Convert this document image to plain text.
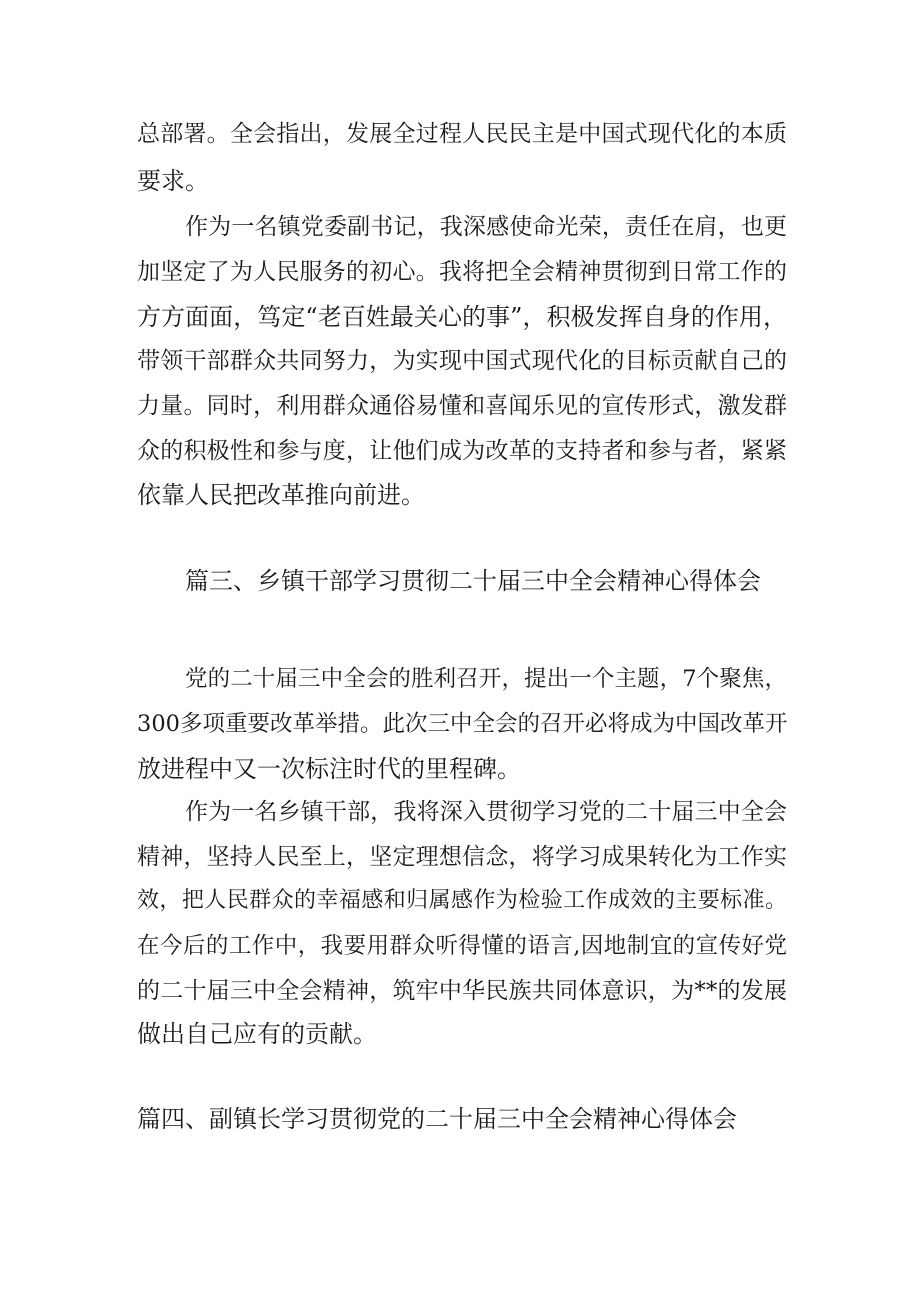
总部署。全会指出，发展全过程人民民主是中国式现代化的本质
要求。
作为一名镇党委副书记，我深感使命光荣，责任在肩，也更
加坚定了为人民服务的初心。我将把全会精神贯彻到日常工作的
方方面面，笃定“老百姓最关心的事”，积极发挥自身的作用，
带领干部群众共同努力，为实现中国式现代化的目标贡献自己的
力量。同时，利用群众通俗易懂和喜闻乐见的宣传形式，激发群
众的积极性和参与度，让他们成为改革的支持者和参与者，紧紧
依靠人民把改革推向前进。
篇三、乡镇干部学习贯彻二十届三中全会精神心得体会
党的二十届三中全会的胜利召开，提出一个主题，7个聚焦，
300多项重要改革举措。此次三中全会的召开必将成为中国改革开
放进程中又一次标注时代的里程碑。
作为一名乡镇干部，我将深入贯彻学习党的二十届三中全会
精神，坚持人民至上，坚定理想信念，将学习成果转化为工作实
效，把人民群众的幸福感和归属感作为检验工作成效的主要标准。
在今后的工作中，我要用群众听得懂的语言,因地制宜的宣传好党
的二十届三中全会精神，筑牢中华民族共同体意识，为**的发展
做出自己应有的贡献。
篇四、副镇长学习贯彻党的二十届三中全会精神心得体会
